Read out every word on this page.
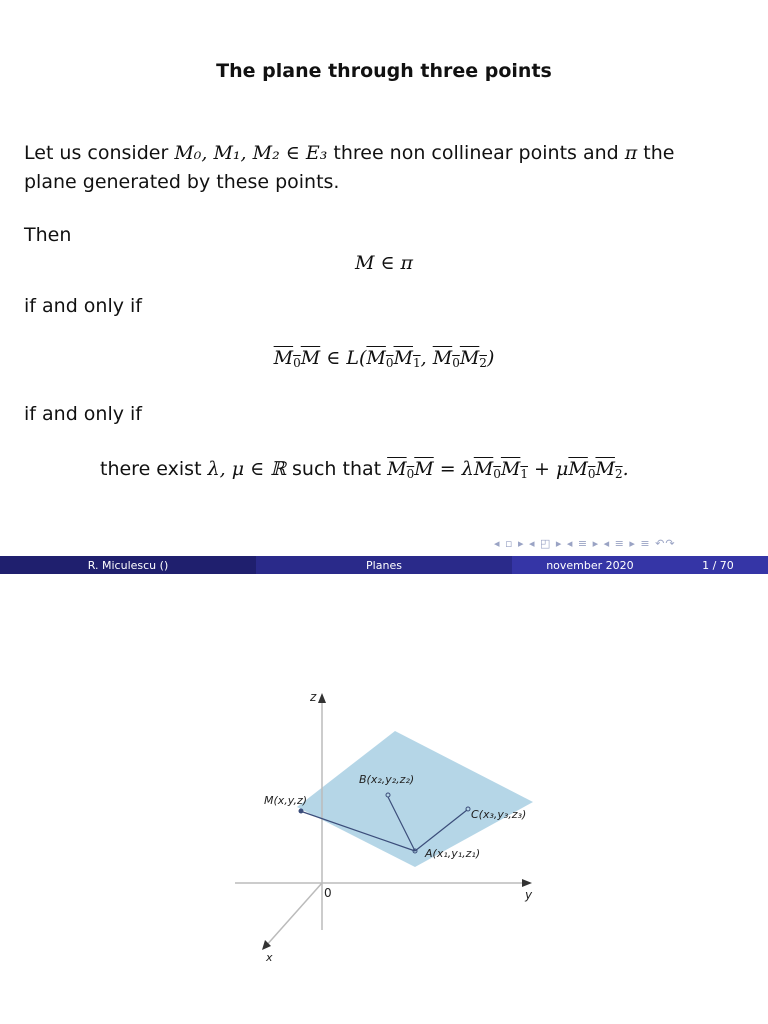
The plane through three points
Let us consider M₀, M₁, M₂ ∈ E₃ three non collinear points and π the
plane generated by these points.
Then
M ∈ π
if and only if
$M_0M$ ∈ $L(M_0M_1$, $M_0M_2$)
if and only if
there exist λ, μ ∈ ℝ such that $M_0M = \lambda M_0M_1 + \mu M_0M_2$.
◂ ▫ ▸ ◂ ◰ ▸ ◂ ≡ ▸ ◂ ≡ ▸ ≡ ↶↷
R. Miculescu ()	Planes	november 2020	1 / 70
z
y
x
0
M(x,y,z)
B(x₂,y₂,z₂)
C(x₃,y₃,z₃)
A(x₁,y₁,z₁)
